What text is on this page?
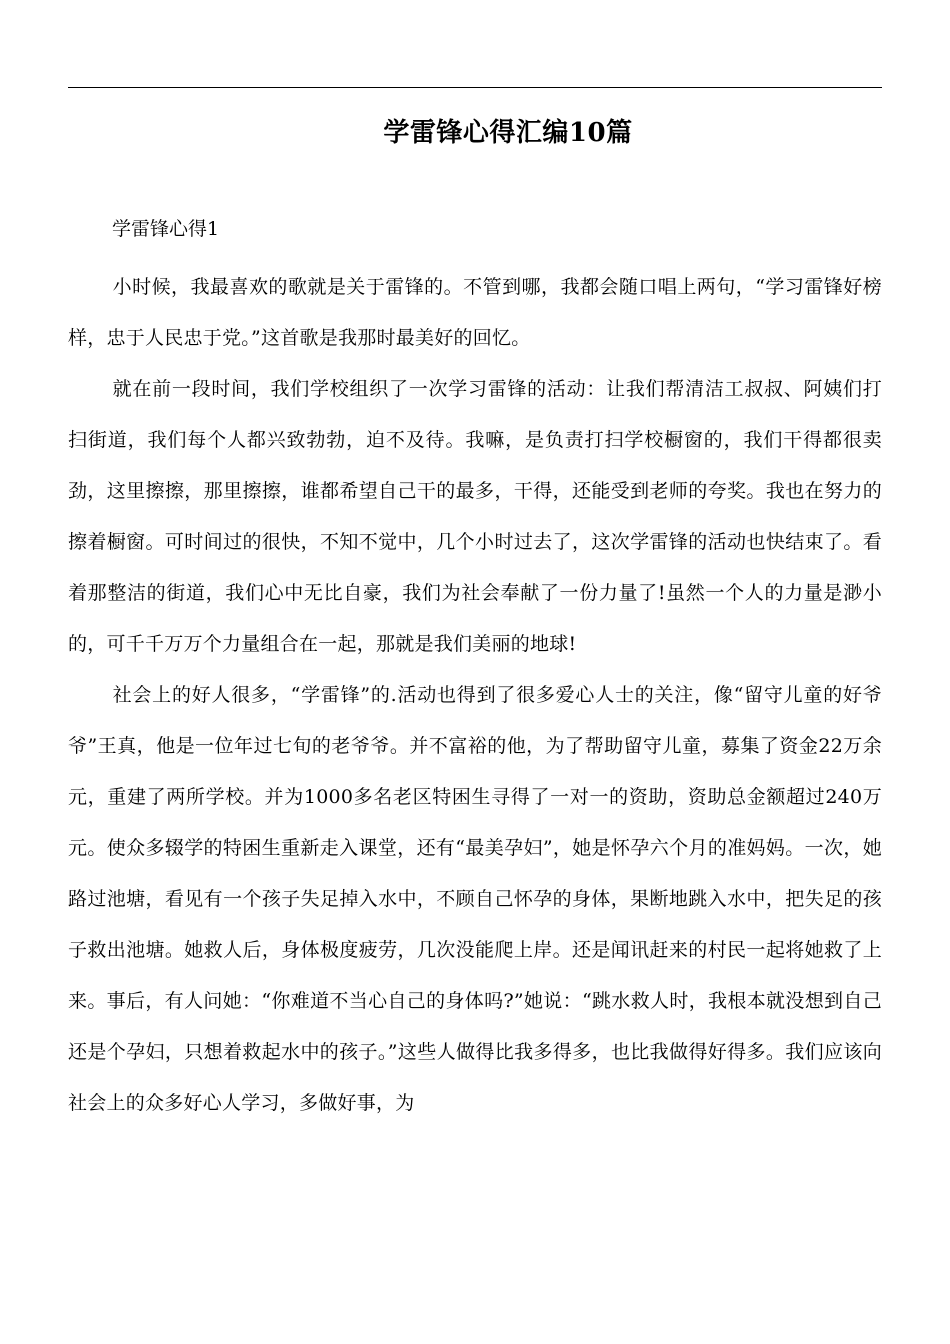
学雷锋心得汇编10篇

学雷锋心得1

小时候，我最喜欢的歌就是关于雷锋的。不管到哪，我都会随口唱上两句，“学习雷锋好榜样，忠于人民忠于党。”这首歌是我那时最美好的回忆。

就在前一段时间，我们学校组织了一次学习雷锋的活动：让我们帮清洁工叔叔、阿姨们打扫街道，我们每个人都兴致勃勃，迫不及待。我嘛，是负责打扫学校橱窗的，我们干得都很卖劲，这里擦擦，那里擦擦，谁都希望自己干的最多，干得，还能受到老师的夸奖。我也在努力的擦着橱窗。可时间过的很快，不知不觉中，几个小时过去了，这次学雷锋的活动也快结束了。看着那整洁的街道，我们心中无比自豪，我们为社会奉献了一份力量了!虽然一个人的力量是渺小的，可千千万万个力量组合在一起，那就是我们美丽的地球!

社会上的好人很多，“学雷锋”的.活动也得到了很多爱心人士的关注，像“留守儿童的好爷爷”王真，他是一位年过七旬的老爷爷。并不富裕的他，为了帮助留守儿童，募集了资金22万余元，重建了两所学校。并为1000多名老区特困生寻得了一对一的资助，资助总金额超过240万元。使众多辍学的特困生重新走入课堂，还有“最美孕妇”，她是怀孕六个月的准妈妈。一次，她路过池塘，看见有一个孩子失足掉入水中，不顾自己怀孕的身体，果断地跳入水中，把失足的孩子救出池塘。她救人后，身体极度疲劳，几次没能爬上岸。还是闻讯赶来的村民一起将她救了上来。事后，有人问她：“你难道不当心自己的身体吗?”她说：“跳水救人时，我根本就没想到自己还是个孕妇，只想着救起水中的孩子。”这些人做得比我多得多，也比我做得好得多。我们应该向社会上的众多好心人学习，多做好事，为
